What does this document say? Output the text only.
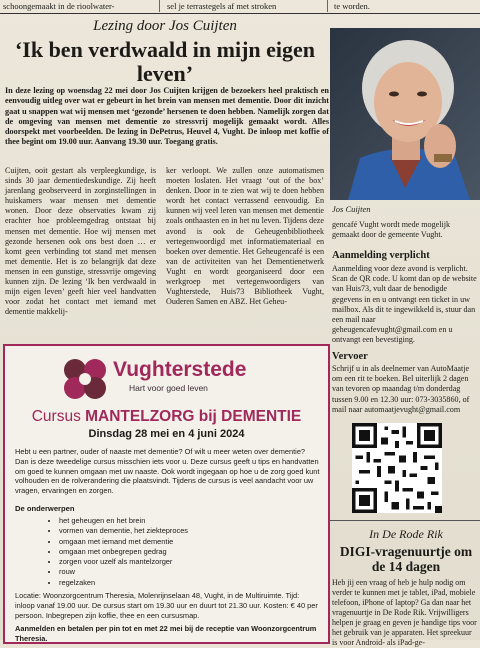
schoongemaakt in de rioolwater-	sel je terrastegels af met stroken	te worden.
Lezing door Jos Cuijten
‘Ik ben verdwaald in mijn eigen leven’
In deze lezing op woensdag 22 mei door Jos Cuijten krijgen de bezoekers heel praktisch en eenvoudig uitleg over wat er gebeurt in het brein van mensen met dementie. Door dit inzicht gaat u snappen wat wij mensen met ‘gezonde’ hersenen te doen hebben. Namelijk zorgen dat de omgeving van mensen met dementie zo stressvrij mogelijk gemaakt wordt. Alles doorspekt met voorbeelden. De lezing in DePetrus, Heuvel 4, Vught. De inloop met koffie of thee begint om 19.00 uur. Aanvang 19.30 uur. Toegang gratis.
Cuijten, ooit gestart als verpleegkundige, is sinds 30 jaar dementiedeskundige. Zij heeft jarenlang geobserveerd in zorginstellingen in huiskamers waar mensen met dementie wonen. Door deze observaties kwam zij erachter hoe probleemgedrag ontstaat bij mensen met dementie. Hoe wij mensen met gezonde hersenen ook ons best doen … er komt geen verbinding tot stand met mensen met dementie. Het is zo belangrijk dat deze mensen in een gunstige, stressvrije omgeving kunnen zijn. De lezing ‘Ik ben verdwaald in mijn eigen leven’ geeft hier veel handvatten voor zodat het contact met iemand met dementie makkelij-
ker verloopt. We zullen onze automatismen moeten loslaten. Het vraagt ‘out of the box’ denken. Door in te zien wat wij te doen hebben wordt het contact verrassend eenvoudig. En kunnen wij veel leren van mensen met dementie zoals onthaasten en in het nu leven. Tijdens deze avond is ook de Geheugenbibliotheek vertegenwoordigd met informatiemateriaal en boeken over dementie. Het Geheugencafé is een van de activiteiten van het Dementienetwerk Vught en wordt georganiseerd door een werkgroep met vertegenwoordigers van Vughterstede, Huis73 Bibliotheek Vught, Ouderen Samen en ABZ. Het Geheu-
Jos Cuijten
gencafé Vught wordt mede mogelijk gemaakt door de gemeente Vught.
Aanmelding verplicht
Aanmelding voor deze avond is verplicht. Scan de QR code. U komt dan op de website van Huis73, vult daar de benodigde gegevens in en u ontvangt een ticket in uw mailbox. Als dit te ingewikkeld is, stuur dan een mail naar geheugencafevught@gmail.com en u ontvangt een bevestiging.
Vervoer
Schrijf u in als deelnemer van AutoMaatje om een rit te boeken. Bel uiterlijk 2 dagen van tevoren op maandag t/m donderdag tussen 9.00 en 12.30 uur: 073-3035860, of mail naar automaatjevught@gmail.com
In De Rode Rik
DIGI-vragenuurtje om de 14 dagen
Heb jij een vraag of heb je hulp nodig om verder te kunnen met je tablet, iPad, mobiele telefoon, iPhone of laptop? Ga dan naar het vragenuurtje in De Rode Rik. Vrijwilligers helpen je graag en geven je handige tips voor het gebruik van je apparaten. Het spreekuur is voor Android- als iPad-ge-
Vughterstede
Hart voor goed leven
Cursus MANTELZORG bij DEMENTIE
Dinsdag 28 mei en 4 juni 2024
Hebt u een partner, ouder of naaste met dementie? Of wilt u meer weten over dementie? Dan is deze tweedelige cursus misschien iets voor u. Deze cursus geeft u tips en handvatten om goed te kunnen omgaan met uw naaste. Ook wordt ingegaan op hoe u de zorg goed kunt volhouden en de rolverandering die plaatsvindt. Tijdens de cursus is veel aandacht voor uw vragen, ervaringen en zorgen.
De onderwerpen
• het geheugen en het brein
• vormen van dementie, het ziekteproces
• omgaan met iemand met dementie
• omgaan met onbegrepen gedrag
• zorgen voor uzelf als mantelzorger
• rouw
• regelzaken
Locatie: Woonzorgcentrum Theresia, Molenrijnselaan 48, Vught, in de Multiruimte. Tijd: inloop vanaf 19.00 uur. De cursus start om 19.30 uur en duurt tot 21.30 uur. Kosten: € 40 per persoon. Inbegrepen zijn koffie, thee en een cursusmap.
Aanmelden en betalen per pin tot en met 22 mei bij de receptie van Woonzorgcentrum Theresia.
